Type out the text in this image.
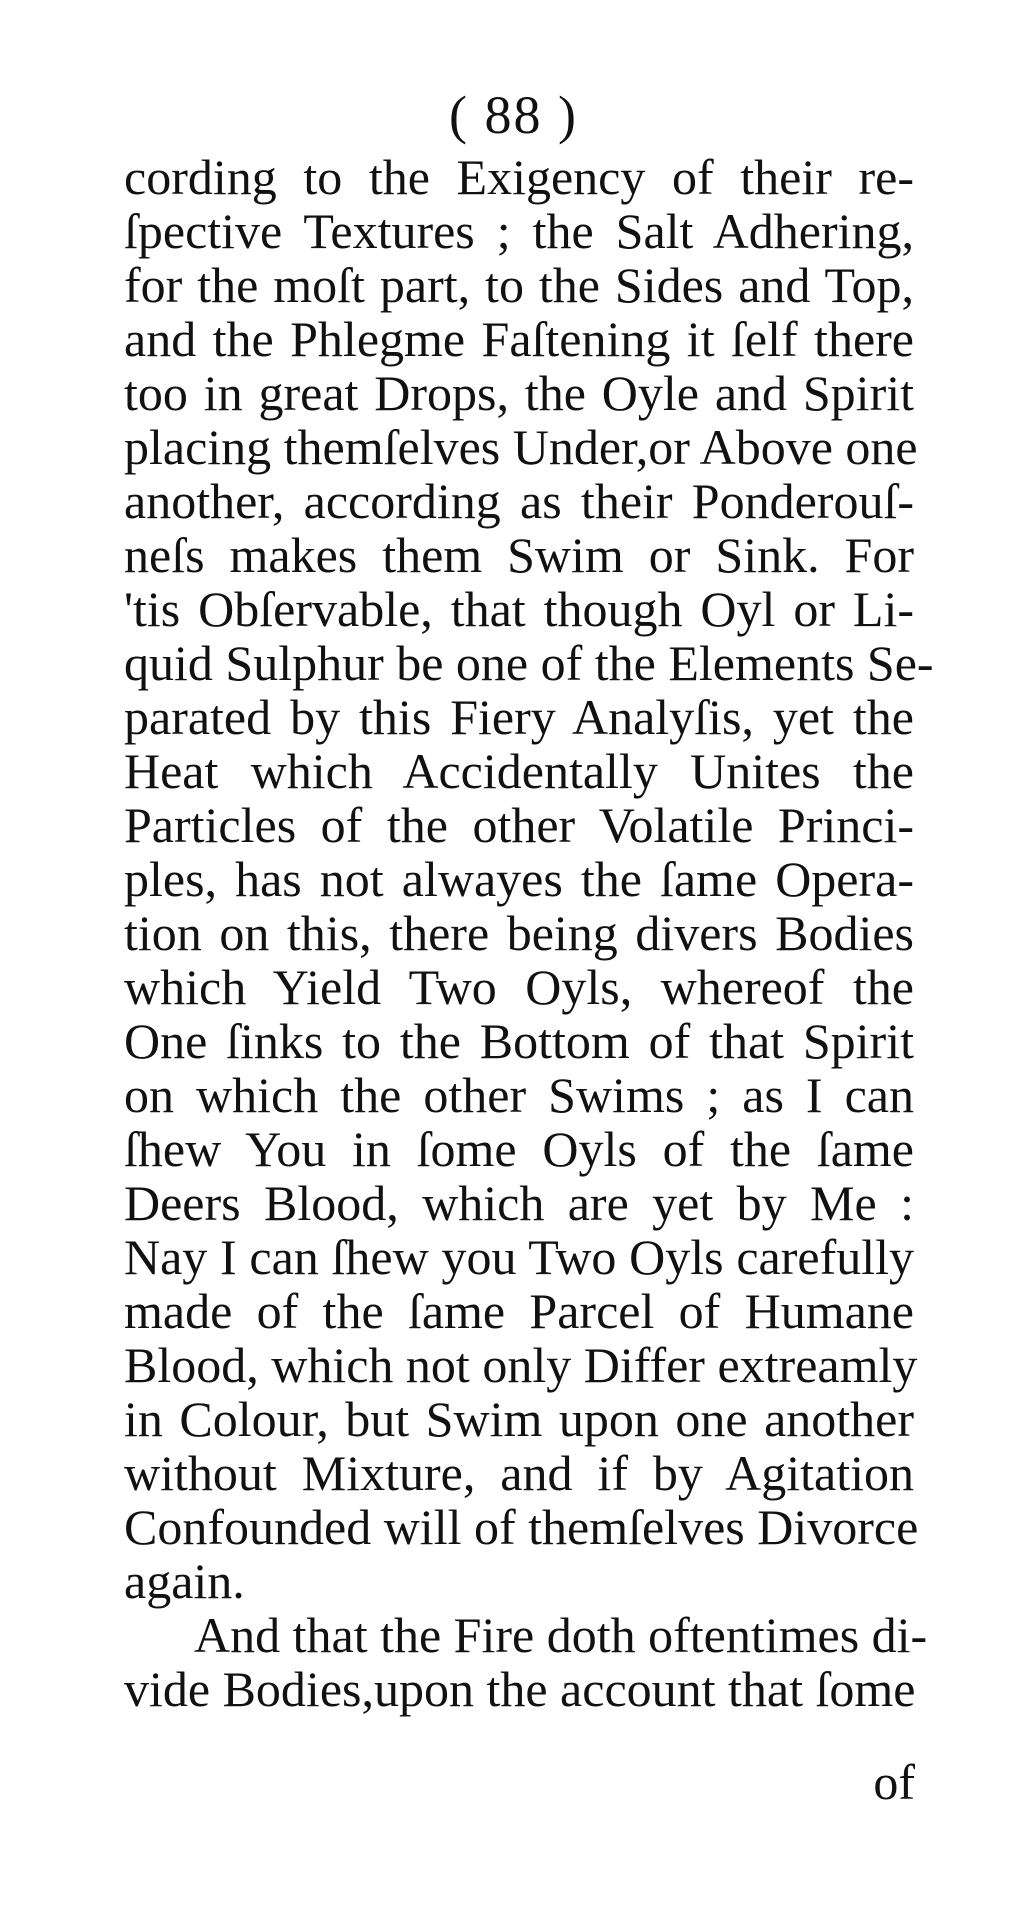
( 88 )
cording to the Exigency of their re-
ſpective Textures ; the Salt Adhering,
for the moſt part, to the Sides and Top,
and the Phlegme Faſtening it ſelf there
too in great Drops, the Oyle and Spirit
placing themſelves Under,or Above one
another, according as their Ponderouſ-
neſs makes them Swim or Sink. For
'tis Obſervable, that though Oyl or Li-
quid Sulphur be one of the Elements Se-
parated by this Fiery Analyſis, yet the
Heat which Accidentally Unites the
Particles of the other Volatile Princi-
ples, has not alwayes the ſame Opera-
tion on this, there being divers Bodies
which Yield Two Oyls, whereof the
One ſinks to the Bottom of that Spirit
on which the other Swims ; as I can
ſhew You in ſome Oyls of the ſame
Deers Blood, which are yet by Me :
Nay I can ſhew you Two Oyls carefully
made of the ſame Parcel of Humane
Blood, which not only Differ extreamly
in Colour, but Swim upon one another
without Mixture, and if by Agitation
Confounded will of themſelves Divorce
again.
And that the Fire doth oftentimes di-
vide Bodies,upon the account that ſome
of
